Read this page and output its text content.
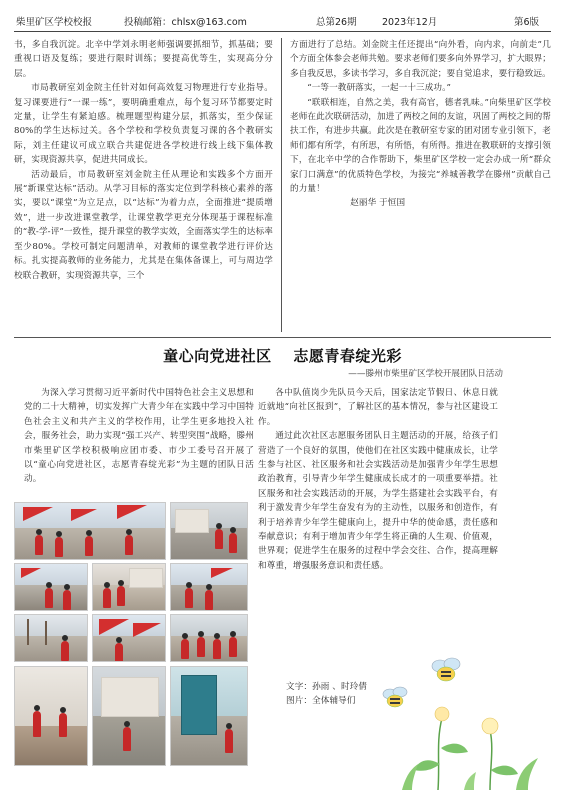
柴里矿区学校校报	投稿邮箱：chlsx@163.com	总第26期	2023年12月	第6版

书，多自我沉淀。北辛中学刘永明老师强调要抓细节，抓基础；要重视口语及复练；要进行限时训练；要提高优等生，实现高分分层。

市局教研室刘金院主任针对如何高效复习物理进行专业指导。复习课要进行“一课一练”，要明确重难点，每个复习环节都要定时定量，让学生有紧迫感。梳理题型构建分层，抓落实，至少保证80%的学生达标过关。各个学校和学校负责复习课的各个教研实际，刘主任建议可成立联合共建促进各学校进行线上线下集体教研，实现资源共享，促进共同成长。

活动最后，市局教研室刘金院主任从理论和实践多个方面开展“新课堂达标”活动。从学习目标的落实定位到学科核心素养的落实，要以“课堂”为立足点，以“达标”为着力点，全面推进“提质增效”，进一步改进课堂教学，让课堂教学更充分体现基于课程标准的“教-学-评”一致性，提升课堂的教学实效，全面落实学生的达标率至少80%。学校可制定问题清单，对教师的课堂教学进行评价达标。扎实提高教师的业务能力，尤其是在集体备课上，可与周边学校联合教研，实现资源共享，三个

方面进行了总结。刘金院主任还提出“向外看，向内求，向前走”几个方面全体参会老师共勉。要求老师们要多向外界学习，扩大眼界；多自我反思，多读书学习，多自我沉淀；要自觉追求，要行稳致远。

“一等一教研落实，一起一十三成功。”

“联联相连，自然之美，我有高官，德者乳味。”向柴里矿区学校老师在此次联研活动，加进了两校之间的友谊，巩固了两校之间的帮扶工作，有进步共赢。此次是在教研室专家的团对团专业引领下，老师们都有所学，有所思，有所悟，有所得。推进在教联研的支撑引领下，在北辛中学的合作帮助下，柴里矿区学校一定会办成一所“群众家门口满意”的优质特色学校，为接完“养城善教学在滕州”贡献自己的力量！

赵丽华 于恒国

童心向党进社区 志愿青春绽光彩
——滕州市柴里矿区学校开展团队日活动

为深入学习贯彻习近平新时代中国特色社会主义思想和党的二十大精神，切实发挥广大青少年在实践中学习中国特色社会主义和共产主义的学校作用，让学生更多地投入社会，服务社会，助力实现“强工兴产、转型突围”战略，滕州市柴里矿区学校积极响应团市委、市少工委号召开展了以“童心向党进社区，志愿青春绽光彩”为主题的团队日活动。

各中队值岗少先队员今天后，国家法定节假日、休息日就近就地“向社区报到”，了解社区的基本情况，参与社区建设工作。

通过此次社区志愿服务团队日主题活动的开展，给孩子们营造了一个良好的氛围，使他们在社区实践中健康成长，让学生参与社区、社区服务和社会实践活动是加强青少年学生思想政治教育，引导青少年学生健康成长成才的一项重要举措。社区服务和社会实践活动的开展，为学生搭建社会实践平台，有利于激发青少年学生奋发有为的主动性，以服务和创造作，有利于培养青少年学生健康向上，提升中华的使命感，责任感和奉献意识；有利于增加青少年学生将正确的人生观、价值观，世界观；促进学生在服务的过程中学会交往、合作，提高理解和尊重，增强服务意识和责任感。

文字：孙雨 、时玲倩

图片：全体辅导们
